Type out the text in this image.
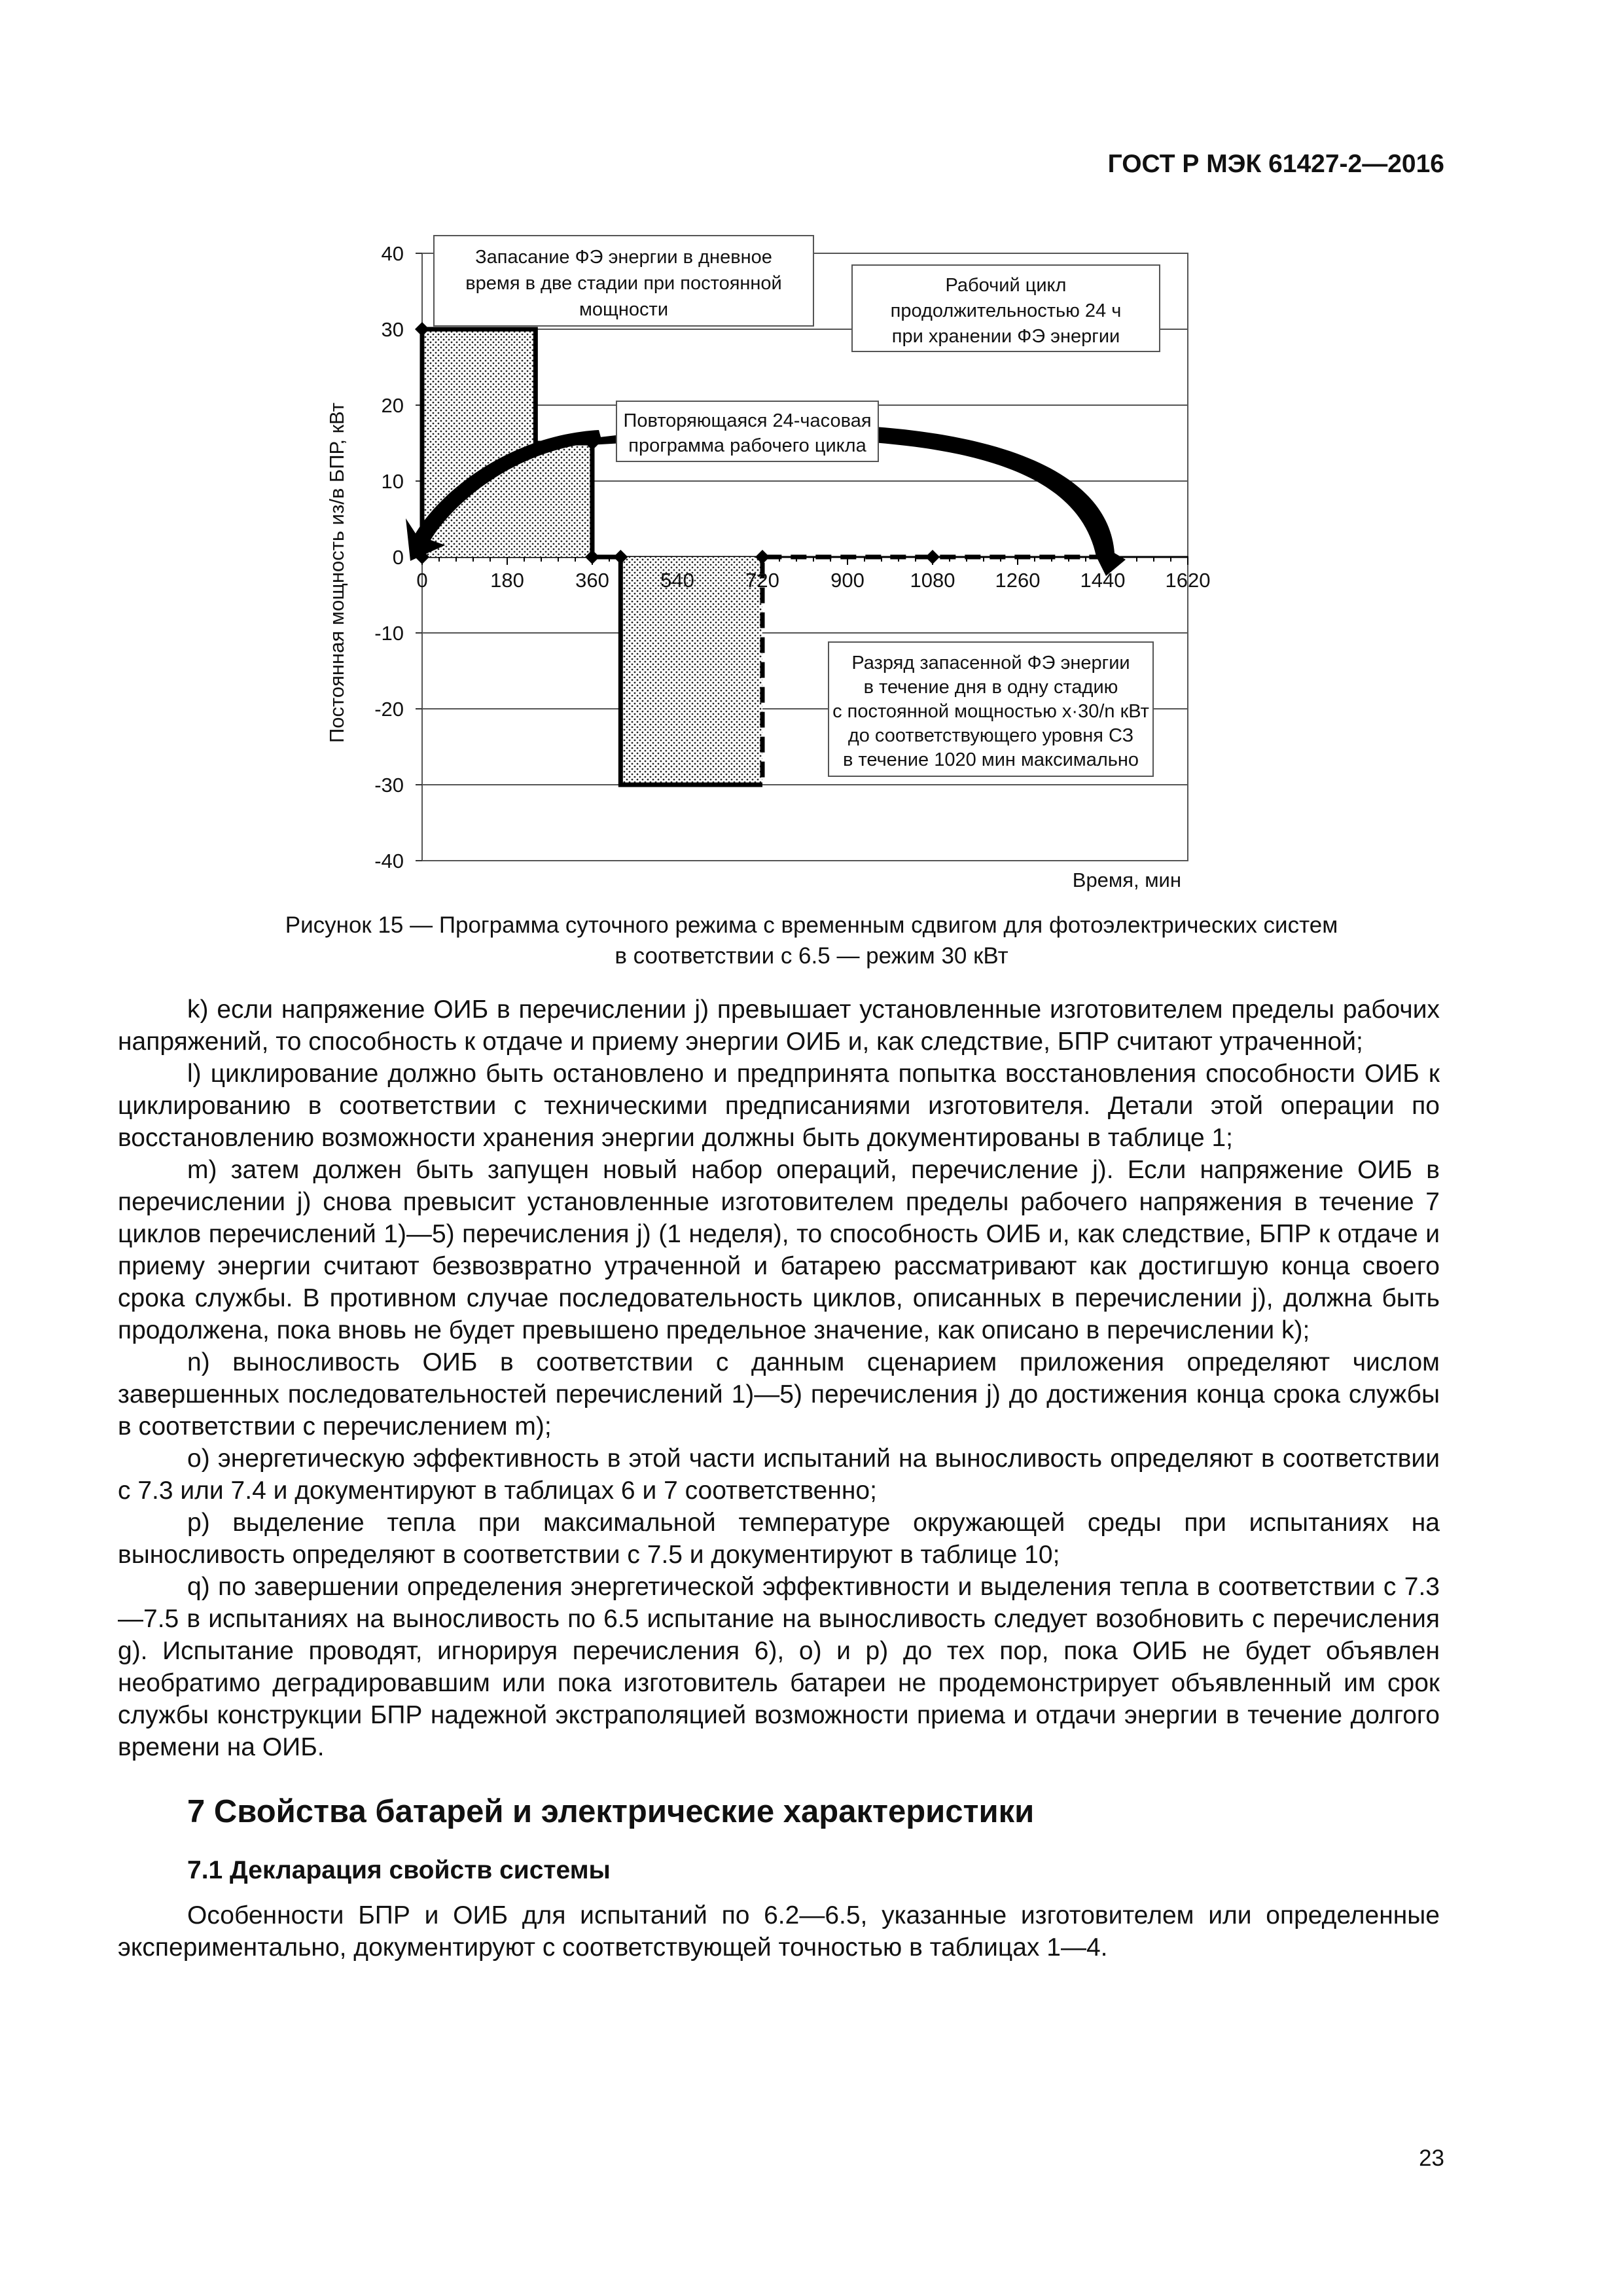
ГОСТ Р МЭК 61427-2—2016
0	180	360	540	720	900 1080 1260 1440 1620
40
30
20
10
0
-10
-20
-30
-40
Постоянная мощность из/в БПР, кВт
Время, мин
Запасание ФЭ энергии в дневное
время в две стадии при постоянной
мощности
Рабочий цикл
продолжительностью 24 ч
при хранении ФЭ энергии
Повторяющаяся 24-часовая
программа рабочего цикла
Разряд запасенной ФЭ энергии
в течение дня в одну стадию
с постоянной мощностью x·30/n кВт
до соответствующего уровня СЗ
в течение 1020 мин максимально
Рисунок 15 — Программа суточного режима с временным сдвигом для фотоэлектрических систем
в соответствии с 6.5 — режим 30 кВт

k) если напряжение ОИБ в перечислении j) превышает установленные изготовителем пределы рабочих напряжений, то способность к отдаче и приему энергии ОИБ и, как следствие, БПР считают утраченной;

l) циклирование должно быть остановлено и предпринята попытка восстановления способности ОИБ к циклированию в соответствии с техническими предписаниями изготовителя. Детали этой операции по восстановлению возможности хранения энергии должны быть документированы в таблице 1;

m) затем должен быть запущен новый набор операций, перечисление j). Если напряжение ОИБ в перечислении j) снова превысит установленные изготовителем пределы рабочего напряжения в течение 7 циклов перечислений 1)—5) перечисления j) (1 неделя), то способность ОИБ и, как следствие, БПР к отдаче и приему энергии считают безвозвратно утраченной и батарею рассматривают как достигшую конца своего срока службы. В противном случае последовательность циклов, описанных в перечислении j), должна быть продолжена, пока вновь не будет превышено предельное значение, как описано в перечислении k);

n) выносливость ОИБ в соответствии с данным сценарием приложения определяют числом завершенных последовательностей перечислений 1)—5) перечисления j) до достижения конца срока службы в соответствии с перечислением m);

o) энергетическую эффективность в этой части испытаний на выносливость определяют в соответствии с 7.3 или 7.4 и документируют в таблицах 6 и 7 соответственно;

p) выделение тепла при максимальной температуре окружающей среды при испытаниях на выносливость определяют в соответствии с 7.5 и документируют в таблице 10;

q) по завершении определения энергетической эффективности и выделения тепла в соответствии с 7.3—7.5 в испытаниях на выносливость по 6.5 испытание на выносливость следует возобновить с перечисления g). Испытание проводят, игнорируя перечисления 6), o) и p) до тех пор, пока ОИБ не будет объявлен необратимо деградировавшим или пока изготовитель батареи не продемонстрирует объявленный им срок службы конструкции БПР надежной экстраполяцией возможности приема и отдачи энергии в течение долгого времени на ОИБ.

7 Свойства батарей и электрические характеристики

7.1 Декларация свойств системы

Особенности БПР и ОИБ для испытаний по 6.2—6.5, указанные изготовителем или определенные экспериментально, документируют с соответствующей точностью в таблицах 1—4.

23
